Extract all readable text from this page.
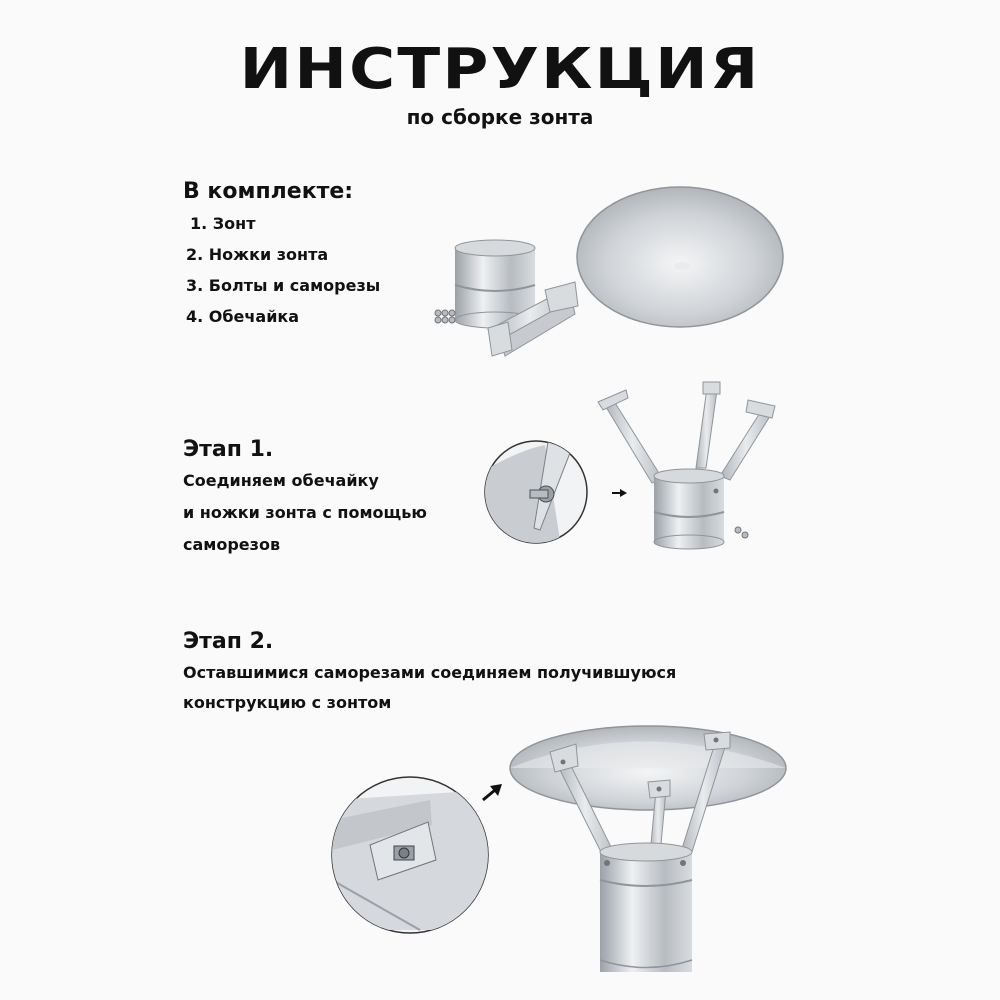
ИНСТРУКЦИЯ
по сборке зонта
В комплекте:
1. Зонт
2. Ножки зонта
3. Болты и саморезы
4. Обечайка
Этап 1.
Соединяем обечайку
и ножки зонта с помощью
саморезов
Этап 2.
Оставшимися саморезами соединяем получившуюся
конструкцию с зонтом
